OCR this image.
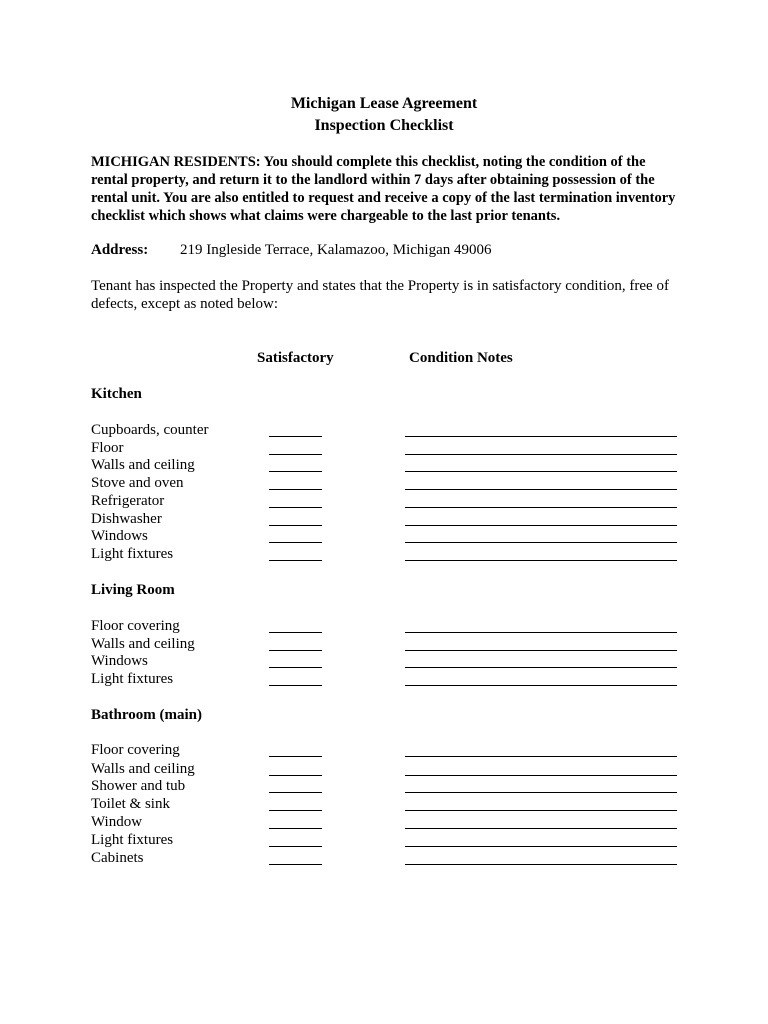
Michigan Lease Agreement
Inspection Checklist
MICHIGAN RESIDENTS: You should complete this checklist, noting the condition of the rental property, and return it to the landlord within 7 days after obtaining possession of the rental unit. You are also entitled to request and receive a copy of the last termination inventory checklist which shows what claims were chargeable to the last prior tenants.
Address: 219 Ingleside Terrace, Kalamazoo, Michigan 49006
Tenant has inspected the Property and states that the Property is in satisfactory condition, free of defects, except as noted below:
Satisfactory	Condition Notes
Kitchen
Cupboards, counter
Floor
Walls and ceiling
Stove and oven
Refrigerator
Dishwasher
Windows
Light fixtures
Living Room
Floor covering
Walls and ceiling
Windows
Light fixtures
Bathroom (main)
Floor covering
Walls and ceiling
Shower and tub
Toilet & sink
Window
Light fixtures
Cabinets
